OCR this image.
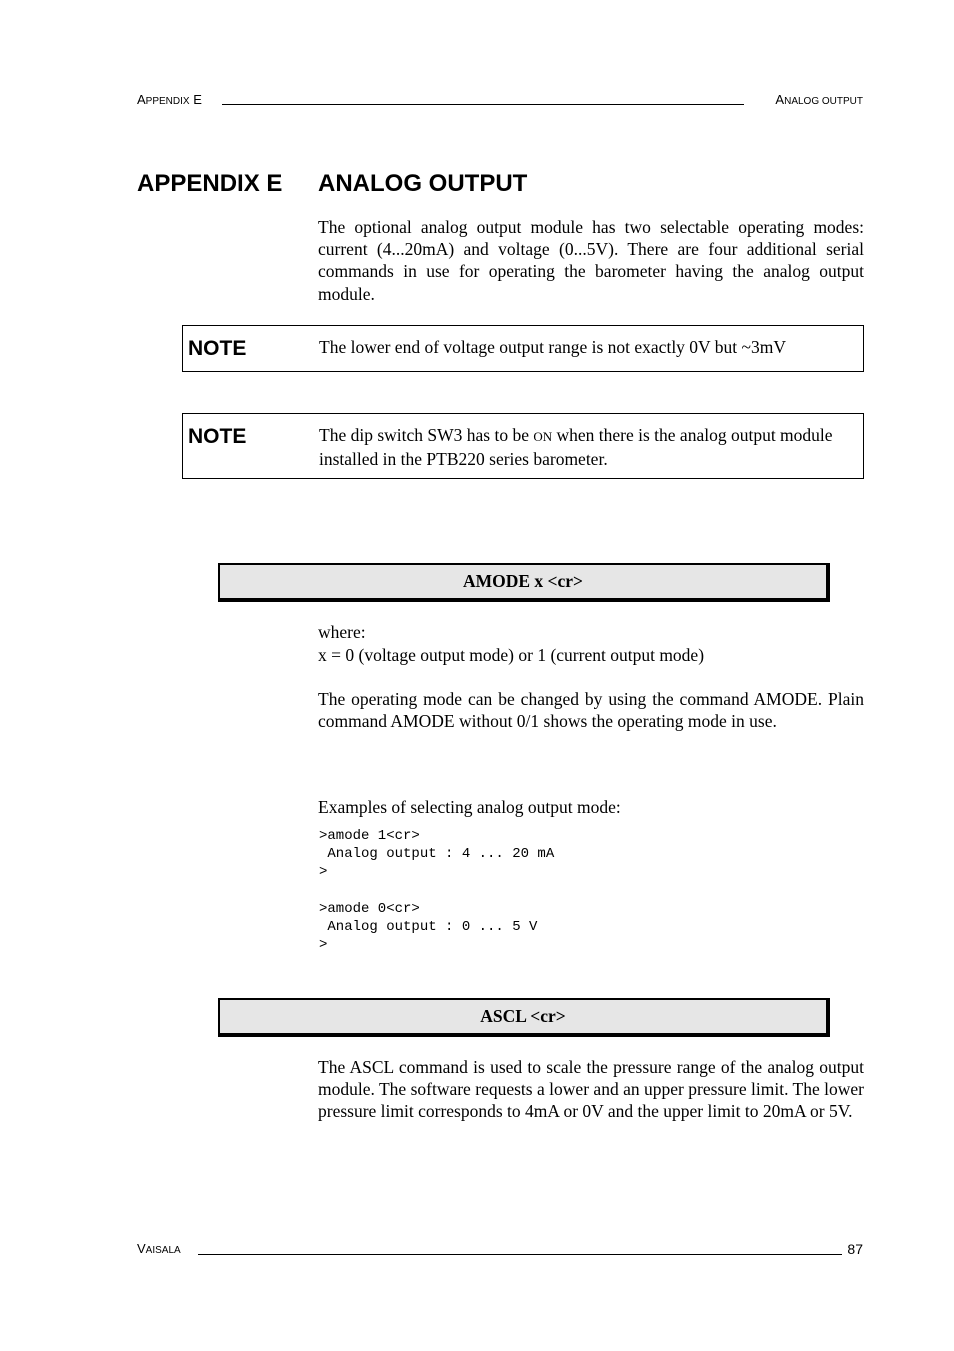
APPENDIX E	ANALOG OUTPUT
APPENDIX E ANALOG OUTPUT
The optional analog output module has two selectable operating modes: current (4...20mA) and voltage (0...5V). There are four additional serial commands in use for operating the barometer having the analog output module.
NOTE	The lower end of voltage output range is not exactly 0V but ~3mV
NOTE	The dip switch SW3 has to be ON when there is the analog output module installed in the PTB220 series barometer.
AMODE x <cr>
where:
x = 0 (voltage output mode) or 1 (current output mode)
The operating mode can be changed by using the command AMODE. Plain command AMODE without 0/1 shows the operating mode in use.
Examples of selecting analog output mode:
>amode 1<cr>
Analog output : 4 ... 20 mA
>

>amode 0<cr>
Analog output : 0 ... 5 V
>
ASCL <cr>
The ASCL command is used to scale the pressure range of the analog output module. The software requests a lower and an upper pressure limit. The lower pressure limit corresponds to 4mA or 0V and the upper limit to 20mA or 5V.
VAISALA	87
